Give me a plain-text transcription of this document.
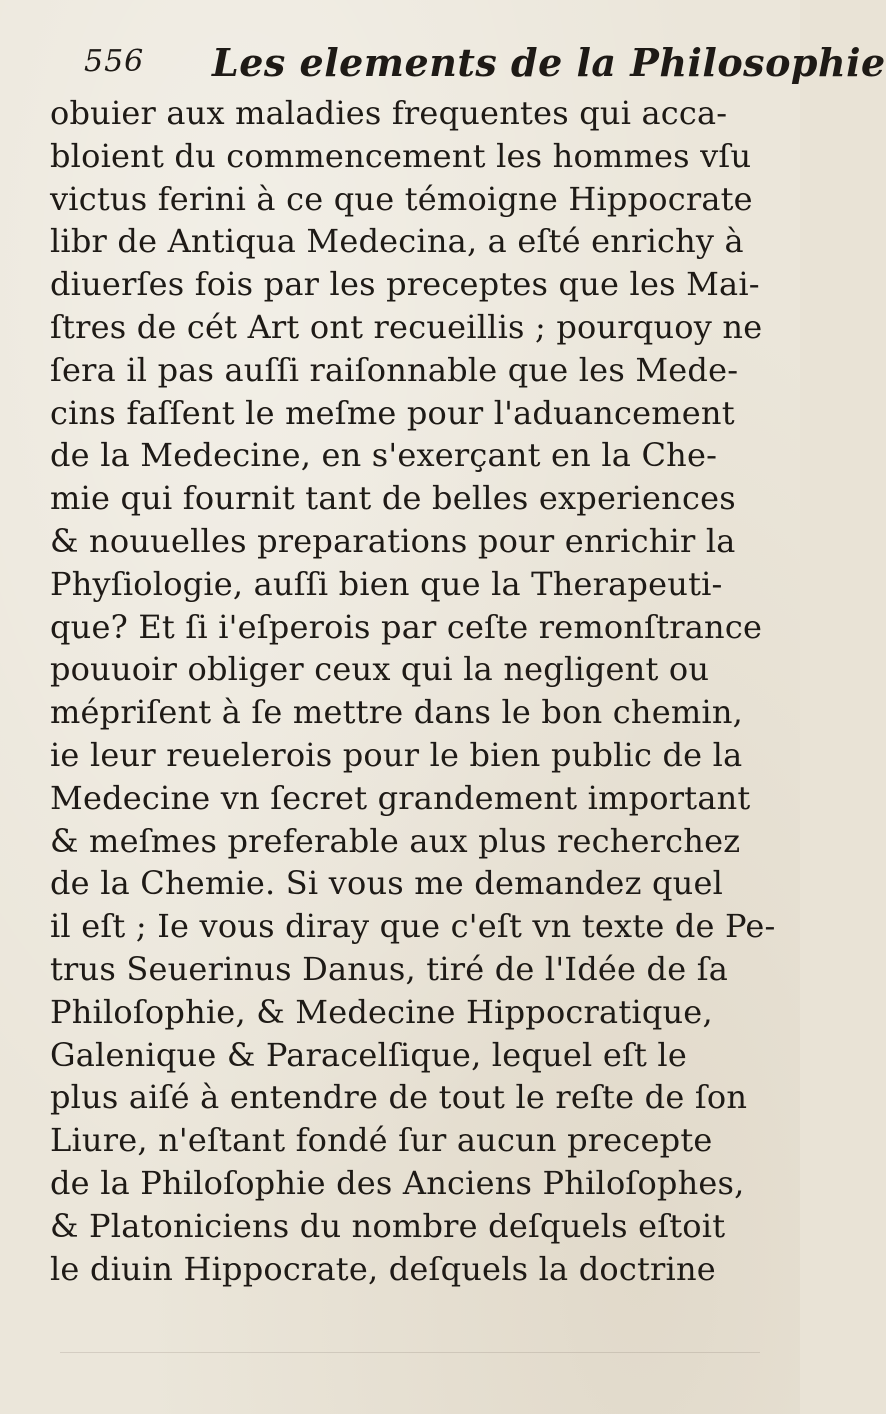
556 Les elements de la Philosophie
obuier aux maladies frequentes qui acca-
bloient du commencement les hommes vſu
victus ferini à ce que témoigne Hippocrate
libr de Antiqua Medecina, a eſté enrichy à
diuerſes fois par les preceptes que les Mai-
ſtres de cét Art ont recueillis ; pourquoy ne
ſera il pas auſſi raiſonnable que les Mede-
cins faſſent le meſme pour l'aduancement
de la Medecine, en s'exerçant en la Che-
mie qui fournit tant de belles experiences
& nouuelles preparations pour enrichir la
Phyſiologie, auſſi bien que la Therapeuti-
que? Et ſi i'eſperois par ceſte remonſtrance
pouuoir obliger ceux qui la negligent ou
mépriſent à ſe mettre dans le bon chemin,
ie leur reuelerois pour le bien public de la
Medecine vn ſecret grandement important
& meſmes preferable aux plus recherchez
de la Chemie. Si vous me demandez quel
il eſt ; Ie vous diray que c'eſt vn texte de Pe-
trus Seuerinus Danus, tiré de l'Idée de ſa
Philoſophie, & Medecine Hippocratique,
Galenique & Paracelſique, lequel eſt le
plus aiſé à entendre de tout le reſte de ſon
Liure, n'eſtant fondé ſur aucun precepte
de la Philoſophie des Anciens Philoſophes,
& Platoniciens du nombre deſquels eſtoit
le diuin Hippocrate, deſquels la doctrine
